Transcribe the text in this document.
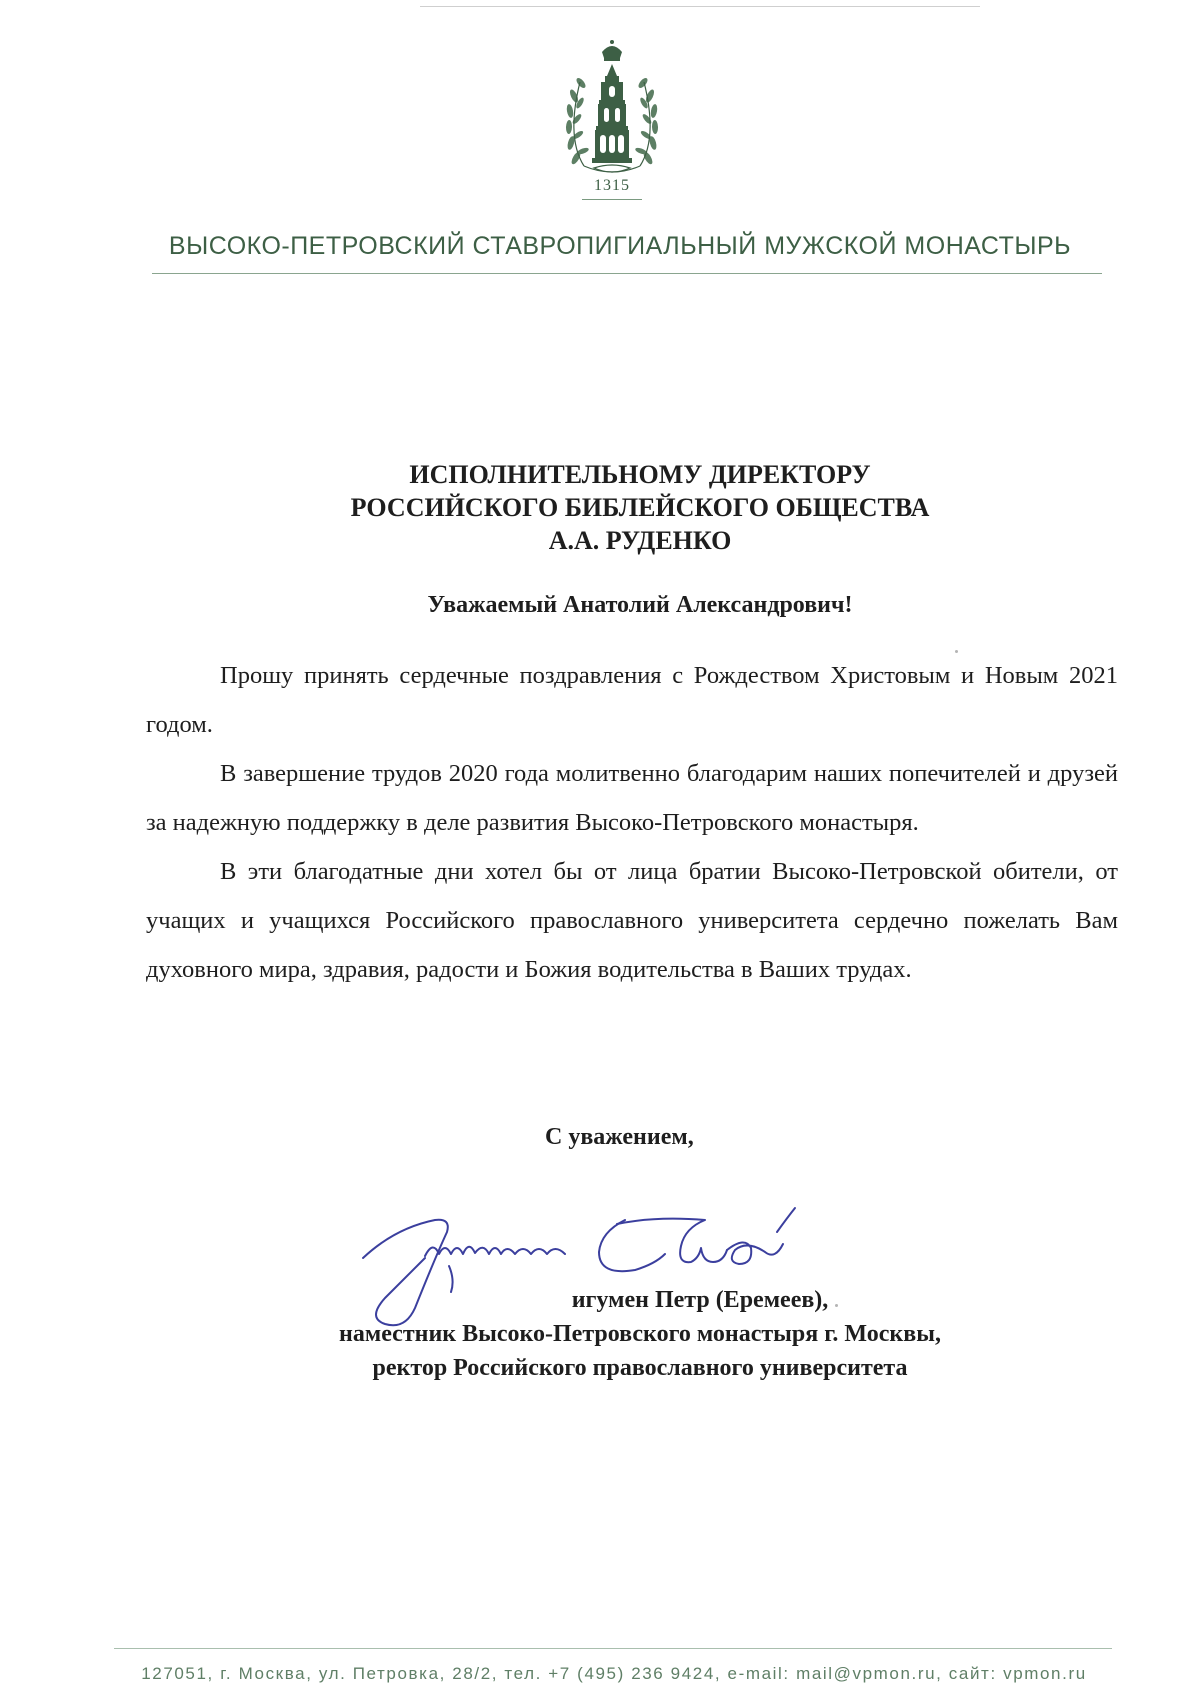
1315
ВЫСОКО-ПЕТРОВСКИЙ СТАВРОПИГИАЛЬНЫЙ МУЖСКОЙ МОНАСТЫРЬ
ИСПОЛНИТЕЛЬНОМУ ДИРЕКТОРУ
РОССИЙСКОГО БИБЛЕЙСКОГО ОБЩЕСТВА
А.А. РУДЕНКО
Уважаемый Анатолий Александрович!

Прошу принять сердечные поздравления с Рождеством Христовым и Новым 2021 годом.

В завершение трудов 2020 года молитвенно благодарим наших попечителей и друзей за надежную поддержку в деле развития Высоко-Петровского монастыря.

В эти благодатные дни хотел бы от лица братии Высоко-Петровской обители, от учащих и учащихся Российского православного университета сердечно пожелать Вам духовного мира, здравия, радости и Божия водительства в Ваших трудах.

С уважением,
игумен Петр (Еремеев),
наместник Высоко-Петровского монастыря г. Москвы,
ректор Российского православного университета
127051, г. Москва, ул. Петровка, 28/2, тел. +7 (495) 236 9424, e-mail: mail@vpmon.ru, сайт: vpmon.ru
